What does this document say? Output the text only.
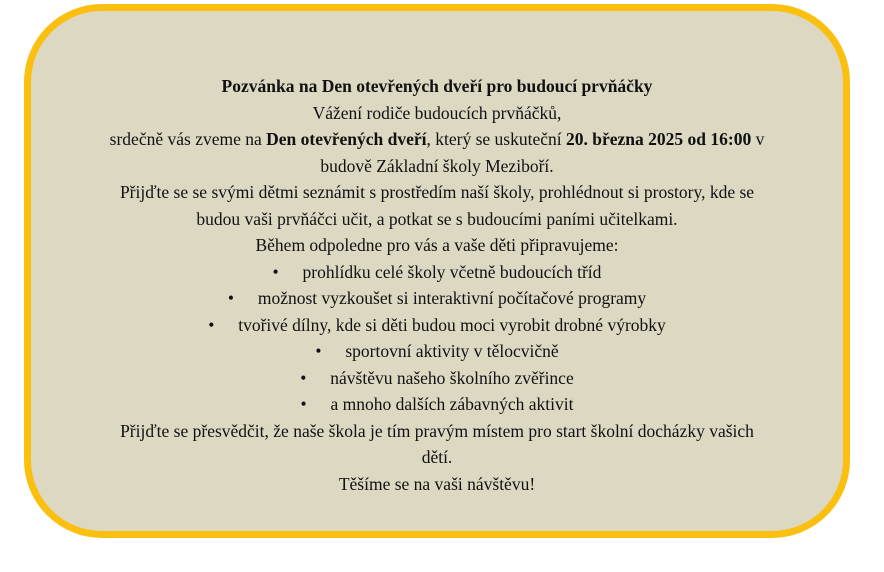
Pozvánka na Den otevřených dveří pro budoucí prvňáčky
Vážení rodiče budoucích prvňáčků,
srdečně vás zveme na Den otevřených dveří, který se uskuteční 20. března 2025 od 16:00 v
budově Základní školy Meziboří.
Přijďte se se svými dětmi seznámit s prostředím naší školy, prohlédnout si prostory, kde se
budou vaši prvňáčci učit, a potkat se s budoucími paními učitelkami.
Během odpoledne pro vás a vaše děti připravujeme:
• prohlídku celé školy včetně budoucích tříd
• možnost vyzkoušet si interaktivní počítačové programy
• tvořivé dílny, kde si děti budou moci vyrobit drobné výrobky
• sportovní aktivity v tělocvičně
• návštěvu našeho školního zvěřince
• a mnoho dalších zábavných aktivit
Přijďte se přesvědčit, že naše škola je tím pravým místem pro start školní docházky vašich
dětí.
Těšíme se na vaši návštěvu!
